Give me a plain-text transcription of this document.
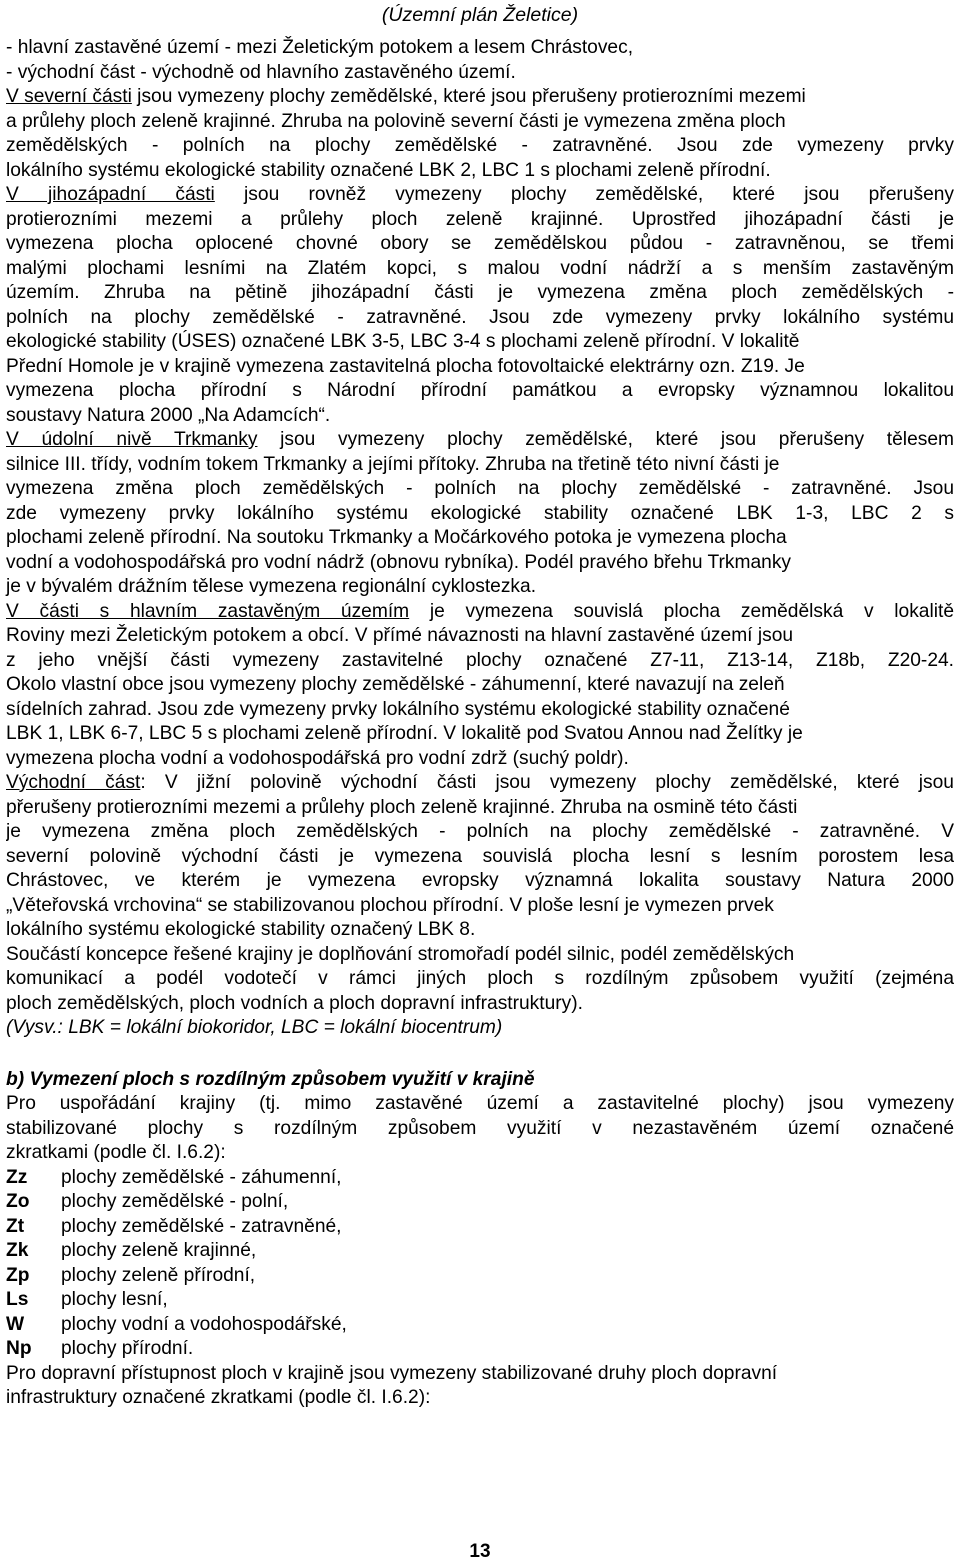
(Územní plán Želetice)
- hlavní zastavěné území - mezi Želetickým potokem a lesem Chrástovec,
- východní část - východně od hlavního zastavěného území.
V severní části jsou vymezeny plochy zemědělské, které jsou přerušeny protierozními mezemi
a průlehy ploch zeleně krajinné. Zhruba na polovině severní části je vymezena změna ploch
zemědělských - polních na plochy zemědělské - zatravněné. Jsou zde vymezeny prvky
lokálního systému ekologické stability označené LBK 2, LBC 1 s plochami zeleně přírodní.
V jihozápadní části jsou rovněž vymezeny plochy zemědělské, které jsou přerušeny
protierozními mezemi a průlehy ploch zeleně krajinné. Uprostřed jihozápadní části je
vymezena plocha oplocené chovné obory se zemědělskou půdou - zatravněnou, se třemi
malými plochami lesními na Zlatém kopci, s malou vodní nádrží a s menším zastavěným
územím. Zhruba na pětině jihozápadní části je vymezena změna ploch zemědělských -
polních na plochy zemědělské - zatravněné. Jsou zde vymezeny prvky lokálního systému
ekologické stability (ÚSES) označené LBK 3-5, LBC 3-4 s plochami zeleně přírodní. V lokalitě
Přední Homole je v krajině vymezena zastavitelná plocha fotovoltaické elektrárny ozn. Z19. Je
vymezena plocha přírodní s Národní přírodní památkou a evropsky významnou lokalitou
soustavy Natura 2000 „Na Adamcích“.
V údolní nivě Trkmanky jsou vymezeny plochy zemědělské, které jsou přerušeny tělesem
silnice III. třídy, vodním tokem Trkmanky a jejími přítoky. Zhruba na třetině této nivní části je
vymezena změna ploch zemědělských - polních na plochy zemědělské - zatravněné. Jsou
zde vymezeny prvky lokálního systému ekologické stability označené LBK 1-3, LBC 2 s
plochami zeleně přírodní. Na soutoku Trkmanky a Močárkového potoka je vymezena plocha
vodní a vodohospodářská pro vodní nádrž (obnovu rybníka). Podél pravého břehu Trkmanky
je v bývalém drážním tělese vymezena regionální cyklostezka.
V části s hlavním zastavěným územím je vymezena souvislá plocha zemědělská v lokalitě
Roviny mezi Želetickým potokem a obcí. V přímé návaznosti na hlavní zastavěné území jsou
z jeho vnější části vymezeny zastavitelné plochy označené Z7-11, Z13-14, Z18b, Z20-24.
Okolo vlastní obce jsou vymezeny plochy zemědělské - záhumenní, které navazují na zeleň
sídelních zahrad. Jsou zde vymezeny prvky lokálního systému ekologické stability označené
LBK 1, LBK 6-7, LBC 5 s plochami zeleně přírodní. V lokalitě pod Svatou Annou nad Želítky je
vymezena plocha vodní a vodohospodářská pro vodní zdrž (suchý poldr).
Východní část: V jižní polovině východní části jsou vymezeny plochy zemědělské, které jsou
přerušeny protierozními mezemi a průlehy ploch zeleně krajinné. Zhruba na osmině této části
je vymezena změna ploch zemědělských - polních na plochy zemědělské - zatravněné. V
severní polovině východní části je vymezena souvislá plocha lesní s lesním porostem lesa
Chrástovec, ve kterém je vymezena evropsky významná lokalita soustavy Natura 2000
„Věteřovská vrchovina“ se stabilizovanou plochou přírodní. V ploše lesní je vymezen prvek
lokálního systému ekologické stability označený LBK 8.
Součástí koncepce řešené krajiny je doplňování stromořadí podél silnic, podél zemědělských
komunikací a podél vodotečí v rámci jiných ploch s rozdílným způsobem využití (zejména
ploch zemědělských, ploch vodních a ploch dopravní infrastruktury).
(Vysv.: LBK = lokální biokoridor, LBC = lokální biocentrum)
b) Vymezení ploch s rozdílným způsobem využití v krajině
Pro uspořádání krajiny (tj. mimo zastavěné území a zastavitelné plochy) jsou vymezeny
stabilizované plochy s rozdílným způsobem využití v nezastavěném území označené
zkratkami (podle čl. I.6.2):
Zz	plochy zemědělské - záhumenní,
Zo	plochy zemědělské - polní,
Zt	plochy zemědělské - zatravněné,
Zk	plochy zeleně krajinné,
Zp	plochy zeleně přírodní,
Ls	plochy lesní,
W	plochy vodní a vodohospodářské,
Np	plochy přírodní.
Pro dopravní přístupnost ploch v krajině jsou vymezeny stabilizované druhy ploch dopravní
infrastruktury označené zkratkami (podle čl. I.6.2):
13
